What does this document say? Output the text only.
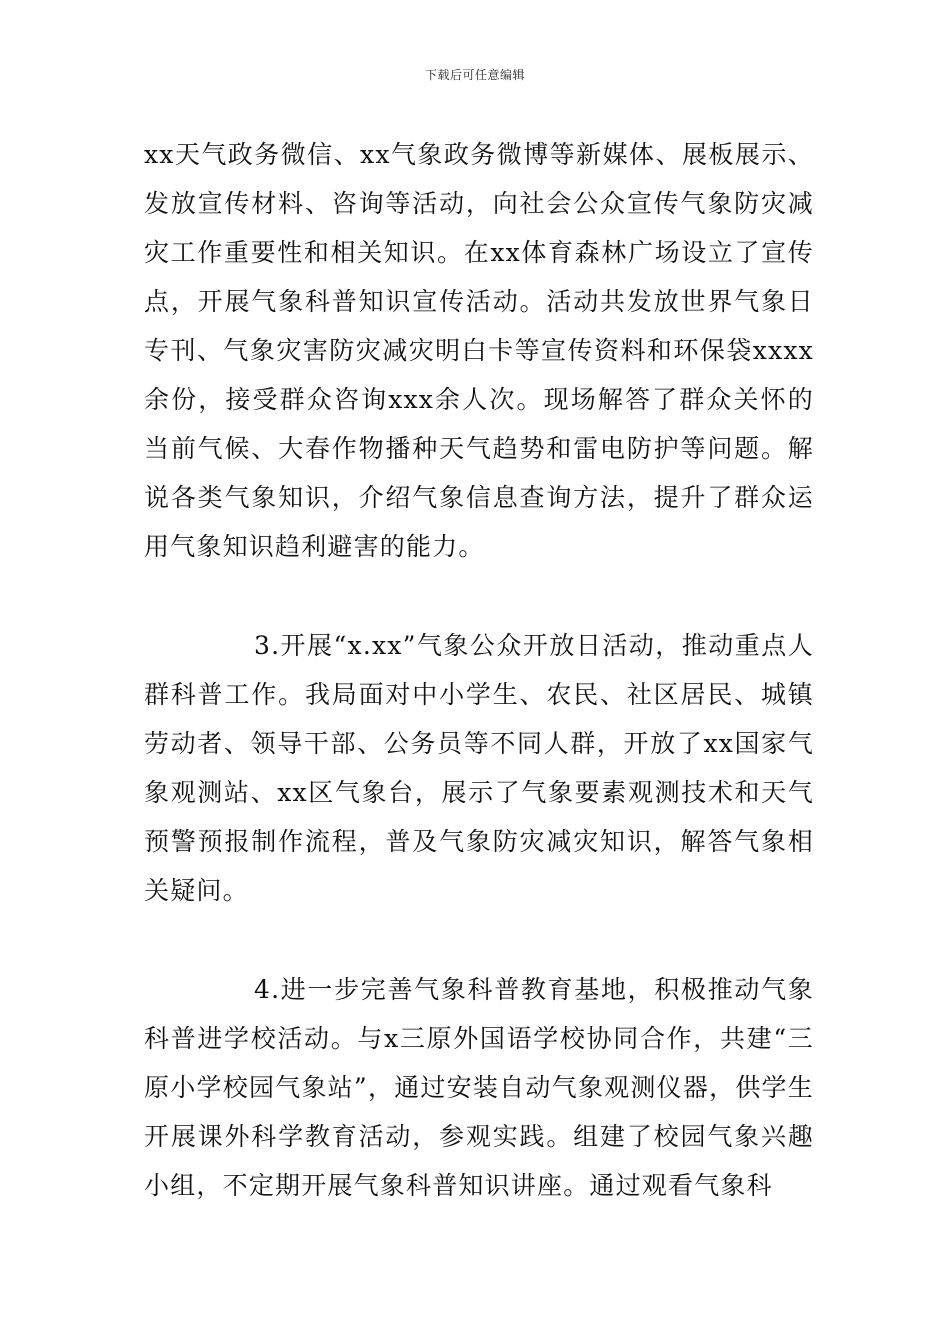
下载后可任意编辑

xx天气政务微信、xx气象政务微博等新媒体、展板展示、发放宣传材料、咨询等活动，向社会公众宣传气象防灾减灾工作重要性和相关知识。在xx体育森林广场设立了宣传点，开展气象科普知识宣传活动。活动共发放世界气象日专刊、气象灾害防灾减灾明白卡等宣传资料和环保袋xxxx余份，接受群众咨询xxx余人次。现场解答了群众关怀的当前气候、大春作物播种天气趋势和雷电防护等问题。解说各类气象知识，介绍气象信息查询方法，提升了群众运用气象知识趋利避害的能力。

3.开展“x.xx”气象公众开放日活动，推动重点人群科普工作。我局面对中小学生、农民、社区居民、城镇劳动者、领导干部、公务员等不同人群，开放了xx国家气象观测站、xx区气象台，展示了气象要素观测技术和天气预警预报制作流程，普及气象防灾减灾知识，解答气象相关疑问。

4.进一步完善气象科普教育基地，积极推动气象科普进学校活动。与x三原外国语学校协同合作，共建“三原小学校园气象站”，通过安装自动气象观测仪器，供学生开展课外科学教育活动，参观实践。组建了校园气象兴趣小组，不定期开展气象科普知识讲座。通过观看气象科
